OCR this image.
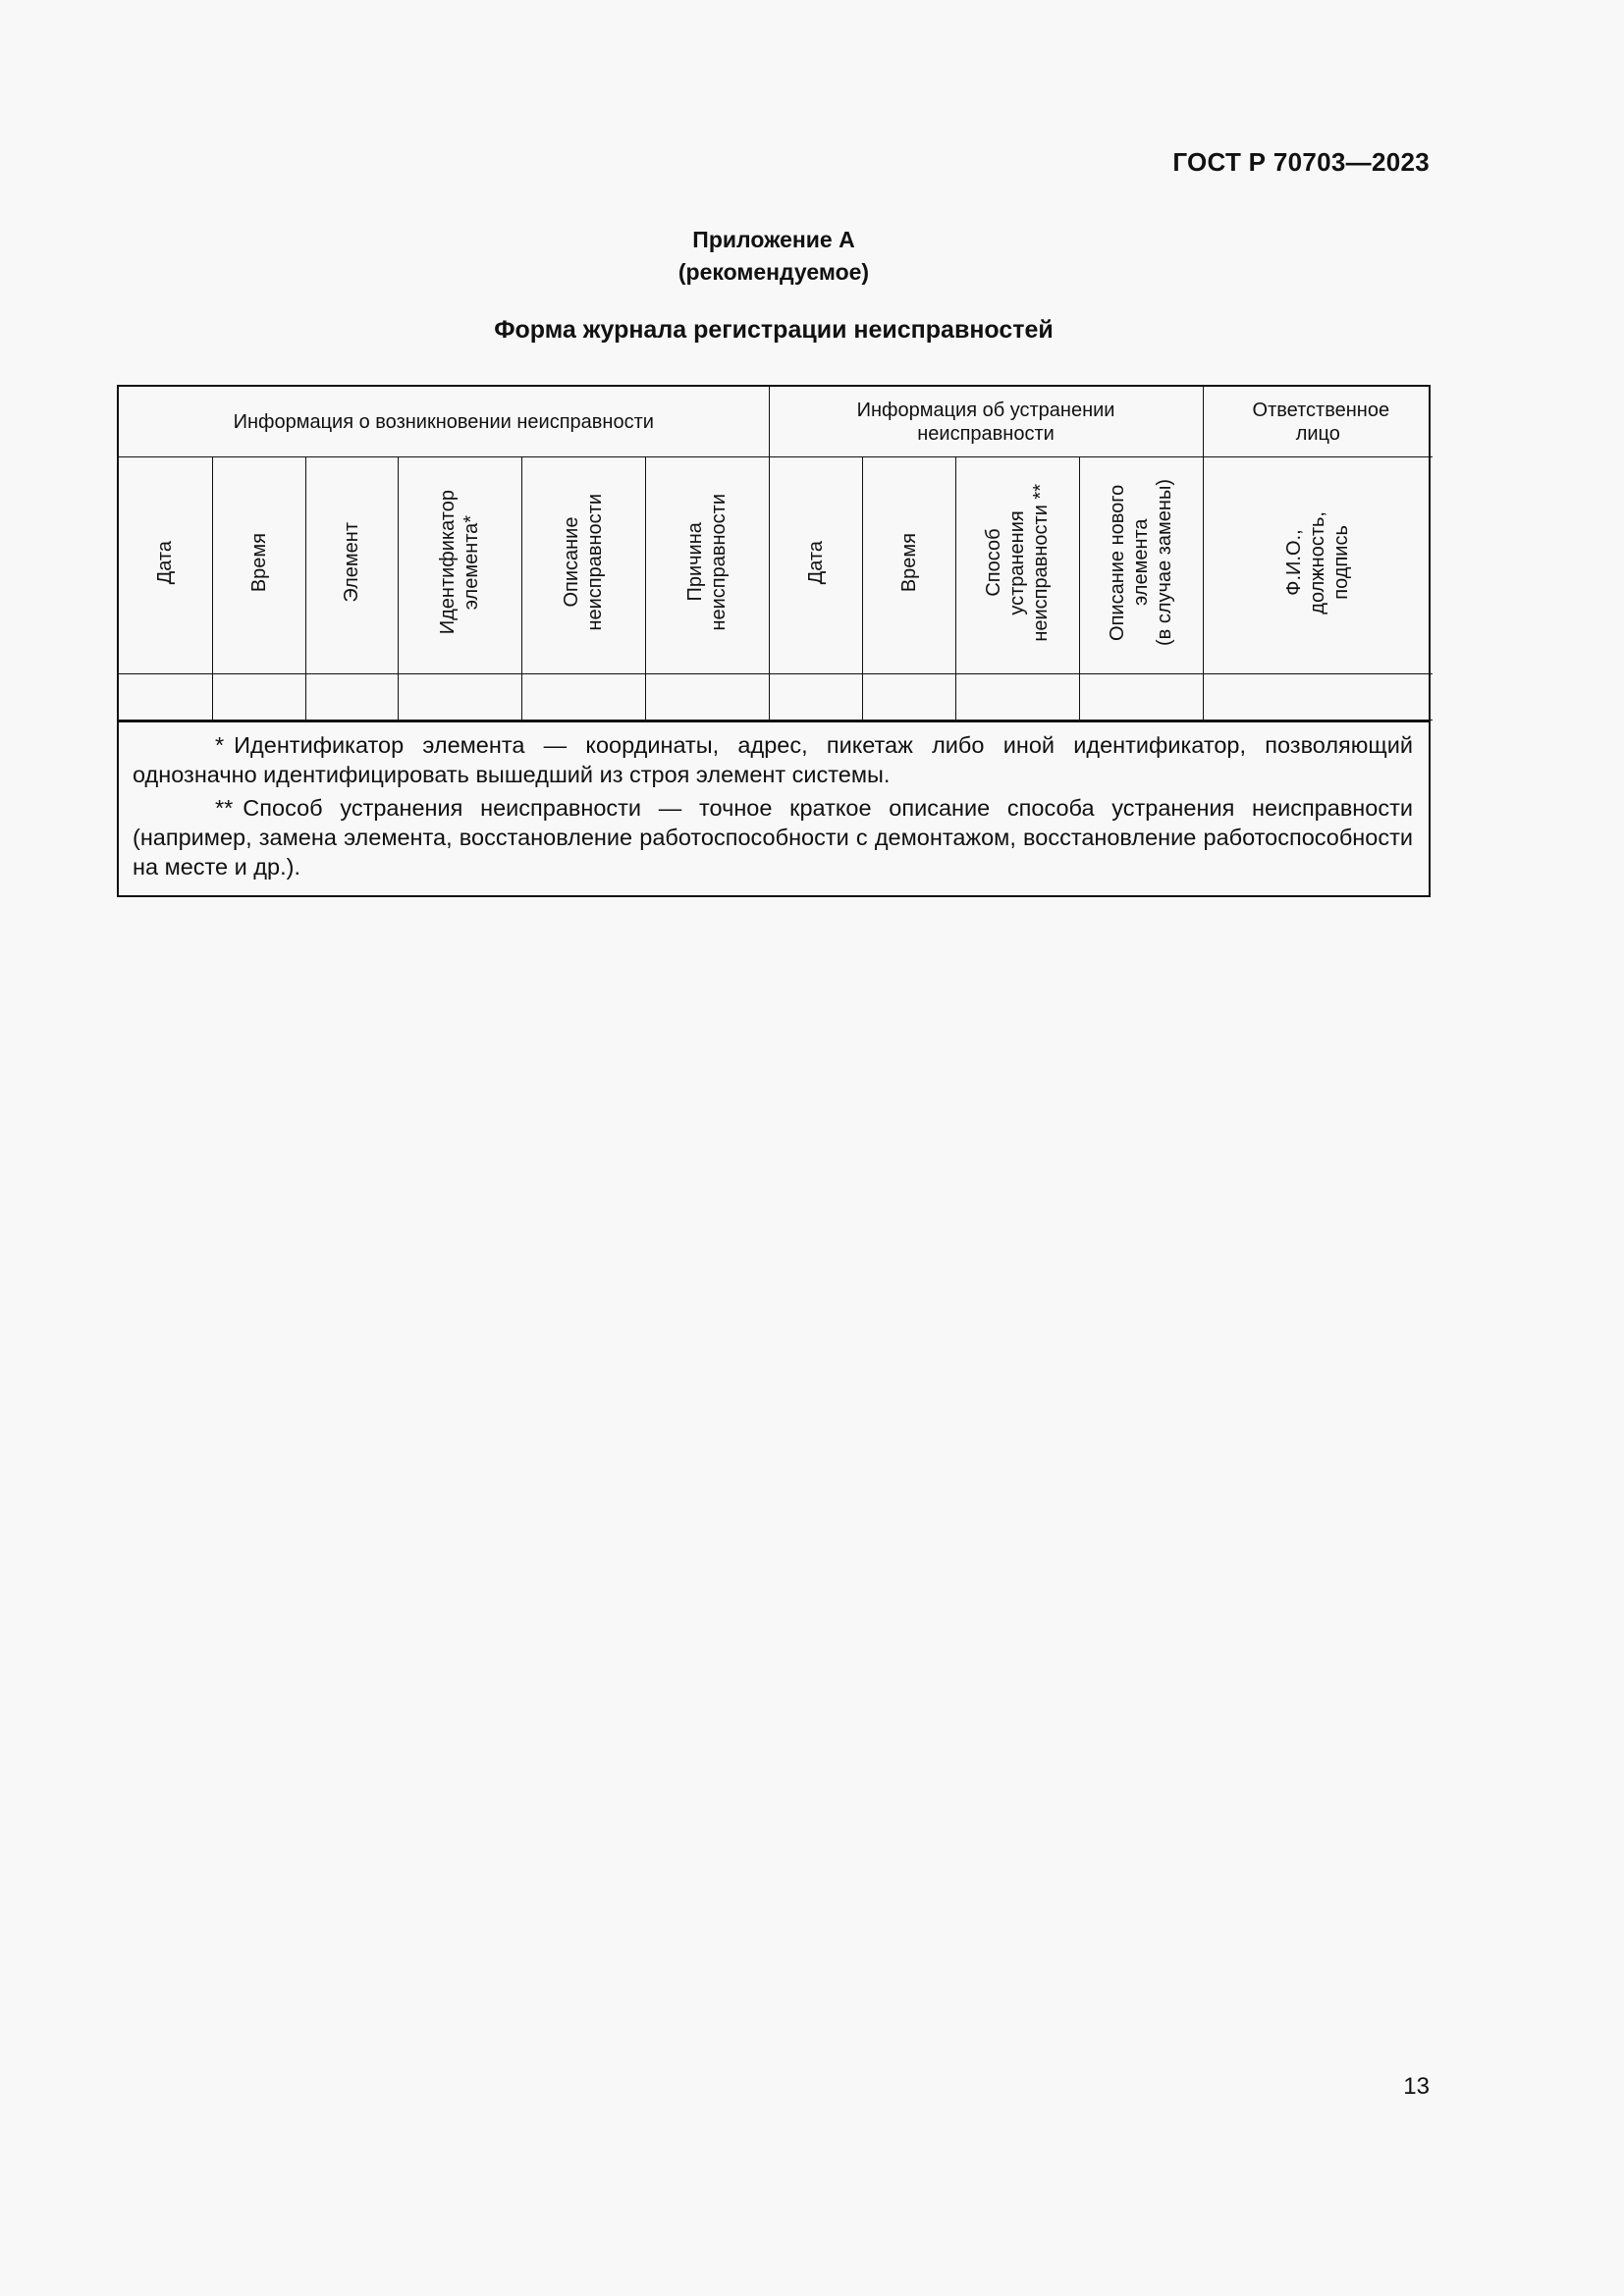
ГОСТ Р 70703—2023
Приложение А
(рекомендуемое)
Форма журнала регистрации неисправностей
Информация о возникновении неисправности						Информация об устранении неисправности				Ответственное лицо

Дата	Время	Элемент	Идентификатор
элемента*	Описание
неисправности	Причина
неисправности	Дата	Время	Способ
устранения
неисправности **	Описание нового
элемента
(в случае замены)	Ф.И.О.,
должность,
подпись

* Идентификатор элемента — координаты, адрес, пикетаж либо иной идентификатор, позволяющий однозначно идентифицировать вышедший из строя элемент системы.

** Способ устранения неисправности — точное краткое описание способа устранения неисправности (например, замена элемента, восстановление работоспособности с демонтажом, восстановление работоспособности на месте и др.).

13
